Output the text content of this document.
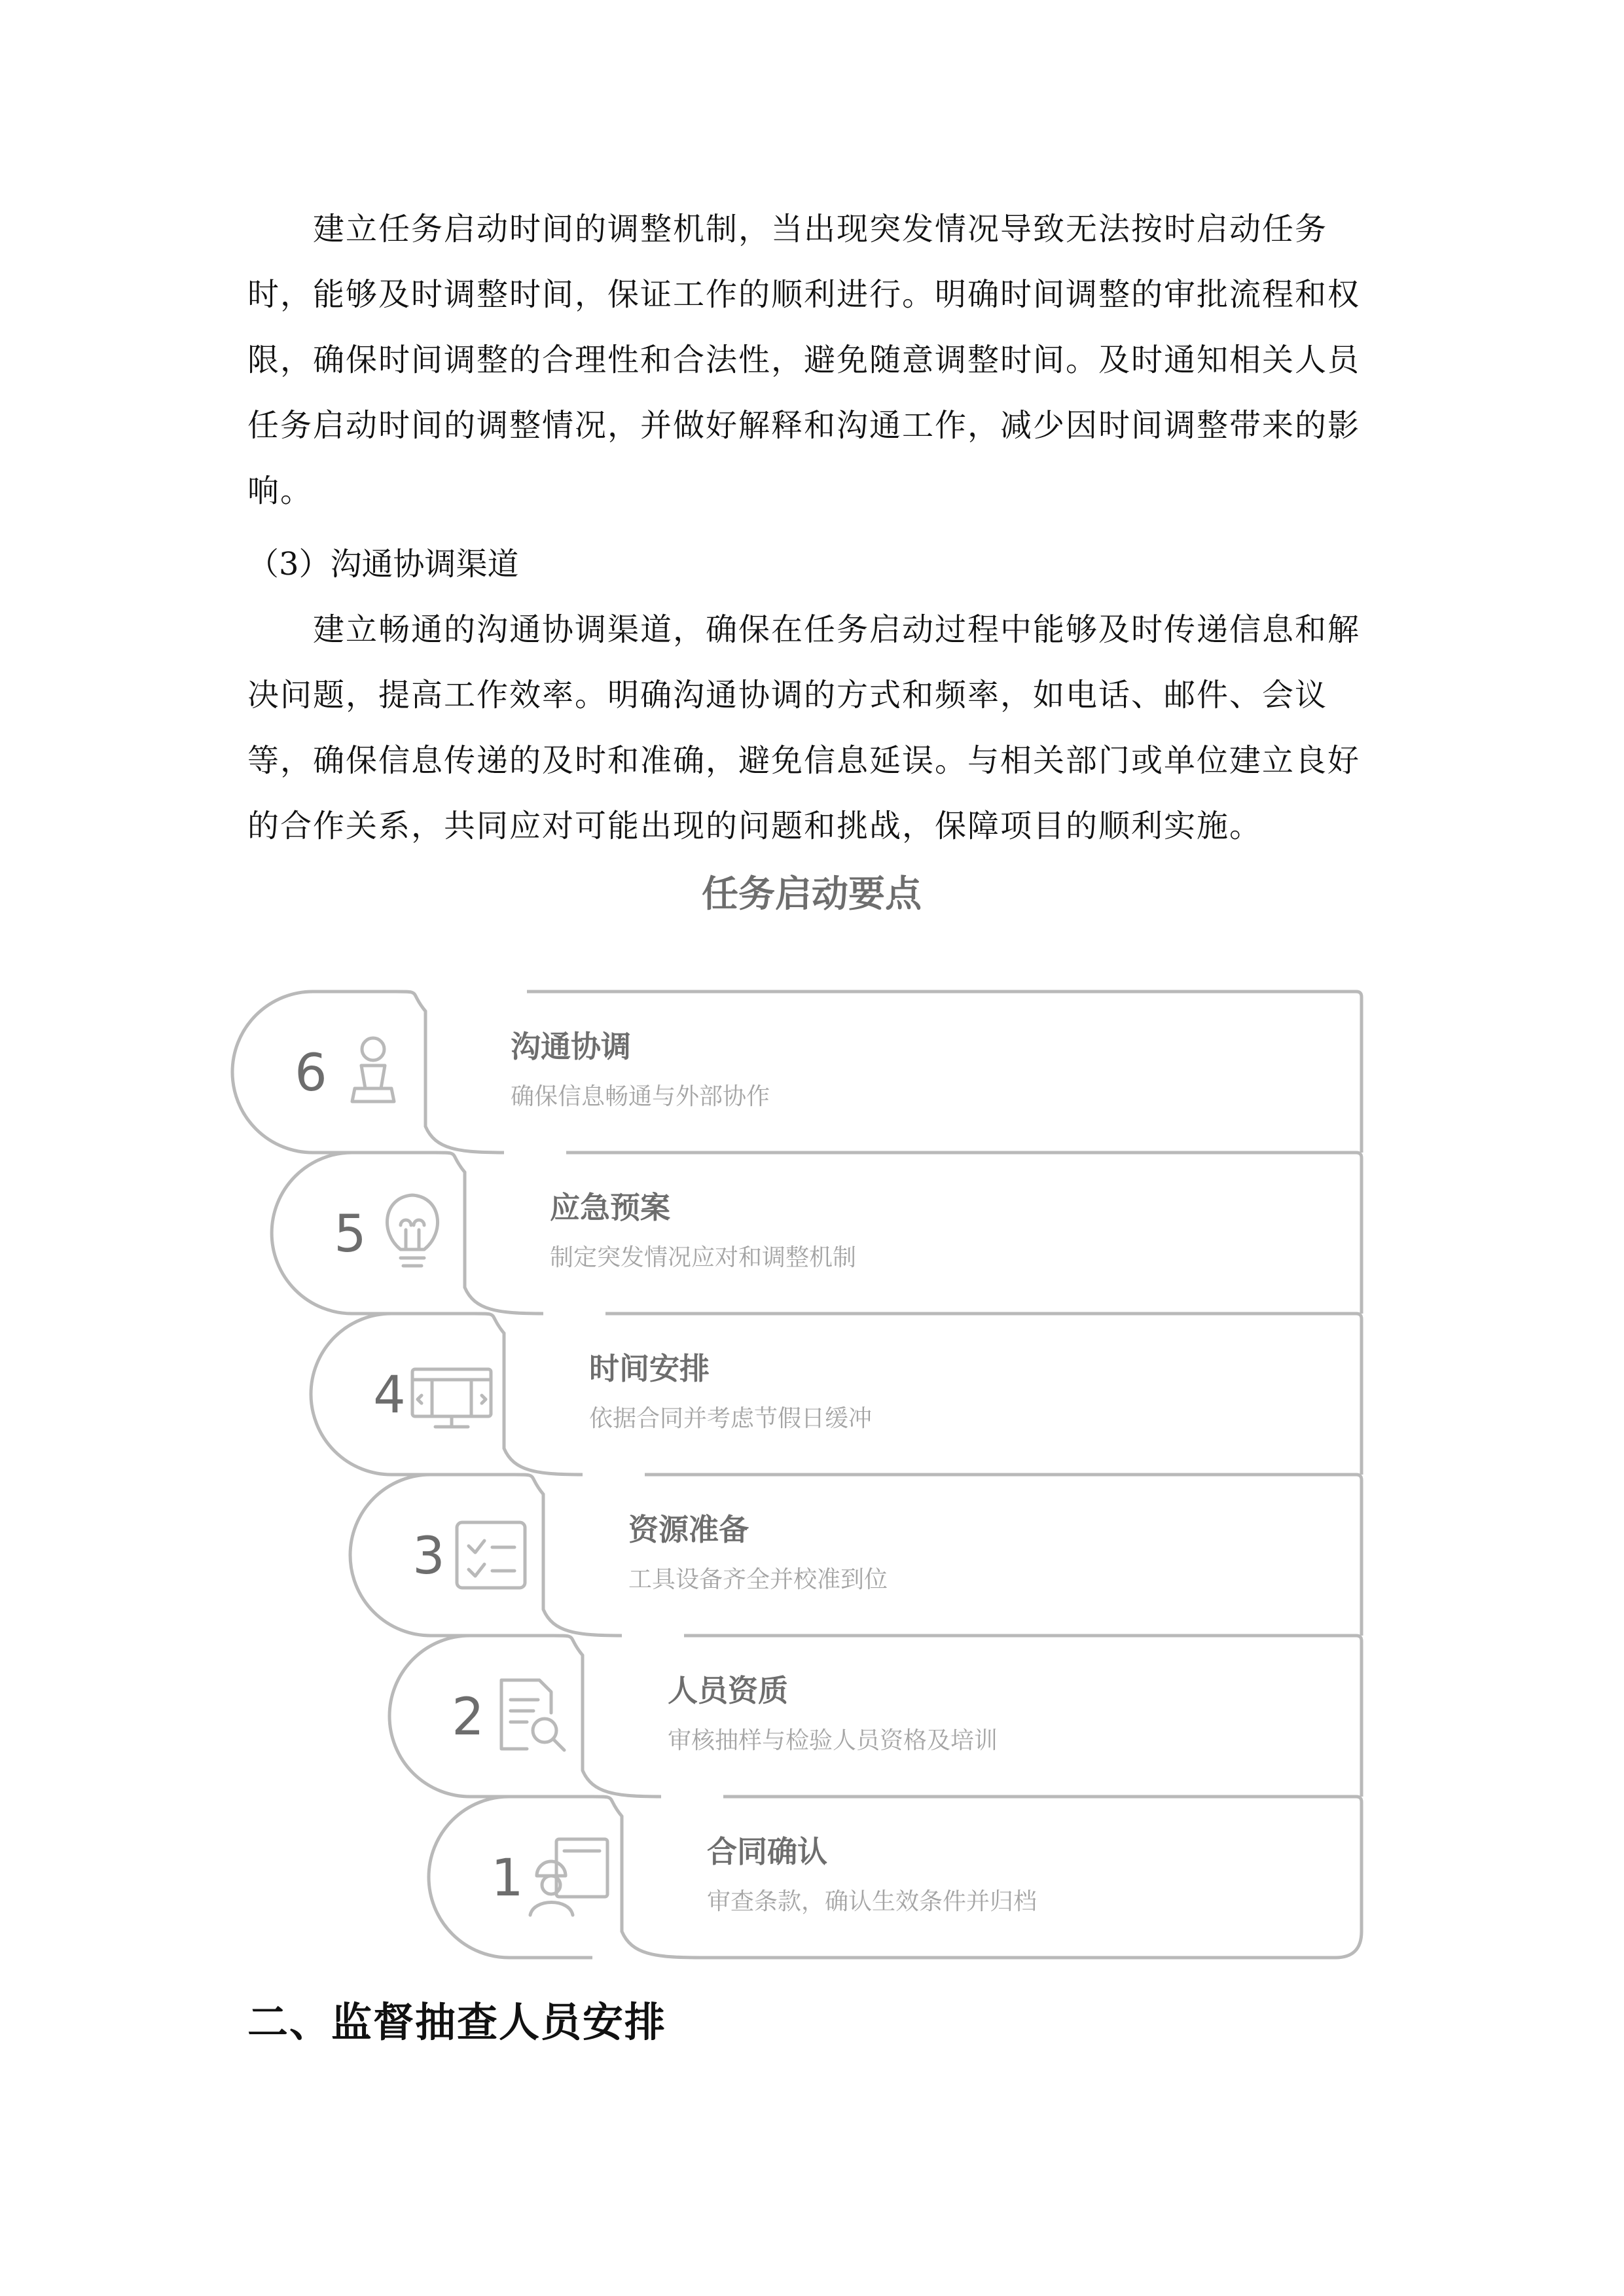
建立任务启动时间的调整机制，当出现突发情况导致无法按时启动任务
时，能够及时调整时间，保证工作的顺利进行。明确时间调整的审批流程和权
限，确保时间调整的合理性和合法性，避免随意调整时间。及时通知相关人员
任务启动时间的调整情况，并做好解释和沟通工作，减少因时间调整带来的影
响。

（3）沟通协调渠道

建立畅通的沟通协调渠道，确保在任务启动过程中能够及时传递信息和解
决问题，提高工作效率。明确沟通协调的方式和频率，如电话、邮件、会议
等，确保信息传递的及时和准确，避免信息延误。与相关部门或单位建立良好
的合作关系，共同应对可能出现的问题和挑战，保障项目的顺利实施。
任务启动要点
6	沟通协调
确保信息畅通与外部协作
5	应急预案
制定突发情况应对和调整机制
4	时间安排
依据合同并考虑节假日缓冲
3	资源准备
工具设备齐全并校准到位
2	人员资质
审核抽样与检验人员资格及培训
1	合同确认
审查条款，确认生效条件并归档
二、监督抽查人员安排
